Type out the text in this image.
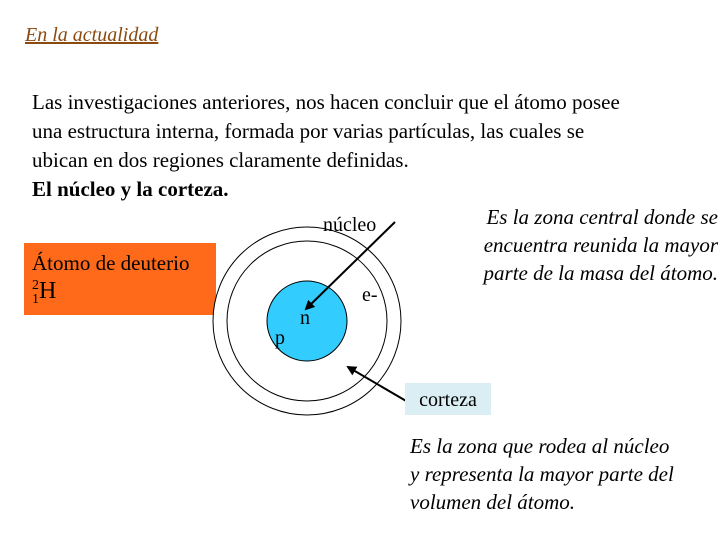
En la actualidad
Las investigaciones anteriores, nos hacen concluir que el átomo posee
una estructura interna, formada por varias partículas, las cuales se
ubican en dos regiones claramente definidas.
El núcleo y la corteza.
Átomo de deuterio
$^2_1$H
núcleo
e-
p
n
Es la zona central donde se
encuentra reunida la mayor
parte de la masa del átomo.
corteza
Es la zona que rodea al núcleo
y representa la mayor parte del
volumen del átomo.
